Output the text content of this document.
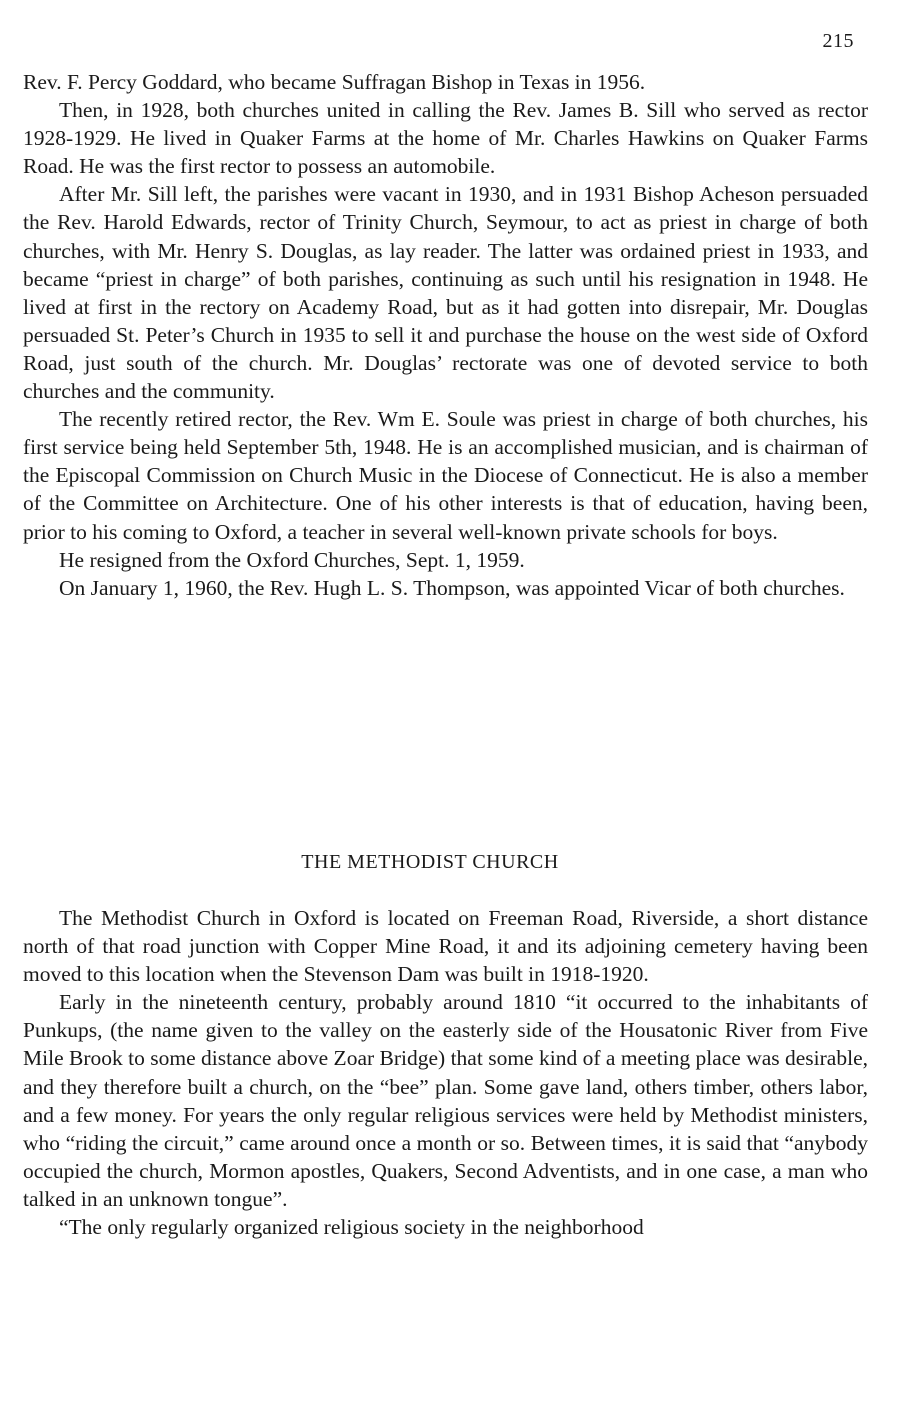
215

Rev. F. Percy Goddard, who became Suffragan Bishop in Texas in 1956.

Then, in 1928, both churches united in calling the Rev. James B. Sill who served as rector 1928-1929. He lived in Quaker Farms at the home of Mr. Charles Hawkins on Quaker Farms Road. He was the first rector to possess an automobile.

After Mr. Sill left, the parishes were vacant in 1930, and in 1931 Bishop Acheson persuaded the Rev. Harold Edwards, rector of Trinity Church, Seymour, to act as priest in charge of both churches, with Mr. Henry S. Douglas, as lay reader. The latter was ordained priest in 1933, and became “priest in charge” of both parishes, continuing as such until his resignation in 1948. He lived at first in the rectory on Academy Road, but as it had gotten into disrepair, Mr. Douglas persuaded St. Peter’s Church in 1935 to sell it and purchase the house on the west side of Oxford Road, just south of the church. Mr. Douglas’ rectorate was one of devoted service to both churches and the community.

The recently retired rector, the Rev. Wm E. Soule was priest in charge of both churches, his first service being held September 5th, 1948. He is an accomplished musician, and is chairman of the Episcopal Commission on Church Music in the Diocese of Connecticut. He is also a member of the Committee on Architecture. One of his other interests is that of education, having been, prior to his coming to Oxford, a teacher in several well-known private schools for boys.

He resigned from the Oxford Churches, Sept. 1, 1959.

On January 1, 1960, the Rev. Hugh L. S. Thompson, was appointed Vicar of both churches.

THE METHODIST CHURCH

The Methodist Church in Oxford is located on Freeman Road, Riverside, a short distance north of that road junction with Copper Mine Road, it and its adjoining cemetery having been moved to this location when the Stevenson Dam was built in 1918-1920.

Early in the nineteenth century, probably around 1810 “it occurred to the inhabitants of Punkups, (the name given to the valley on the easterly side of the Housatonic River from Five Mile Brook to some distance above Zoar Bridge) that some kind of a meeting place was desirable, and they therefore built a church, on the “bee” plan. Some gave land, others timber, others labor, and a few money. For years the only regular religious services were held by Methodist ministers, who “riding the circuit,” came around once a month or so. Between times, it is said that “anybody occupied the church, Mormon apostles, Quakers, Second Adventists, and in one case, a man who talked in an unknown tongue”.

“The only regularly organized religious society in the neighborhood
